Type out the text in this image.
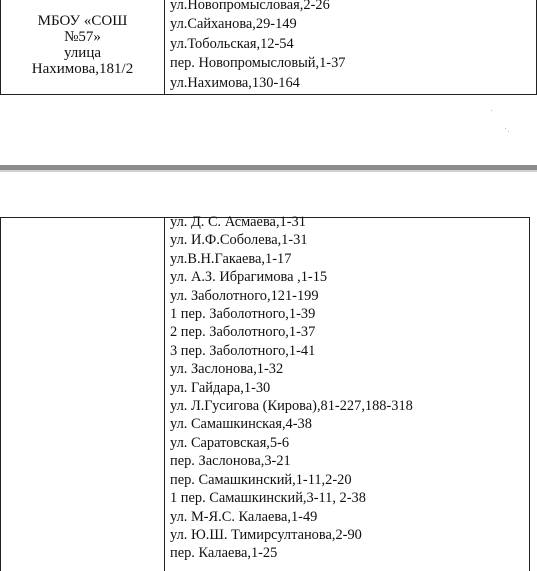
МБОУ «СОШ
№57»
улица
Нахимова,181/2
ул.Новопромысловая,2-26
ул.Сайханова,29-149
ул.Тобольская,12-54
пер. Новопромысловый,1-37
ул.Нахимова,130-164
ул. Д. С. Асмаева,1-31
ул. И.Ф.Соболева,1-31
ул.В.Н.Гакаева,1-17
ул. А.З. Ибрагимова ,1-15
ул. Заболотного,121-199
1 пер. Заболотного,1-39
2 пер. Заболотного,1-37
3 пер. Заболотного,1-41
ул. Заслонова,1-32
ул. Гайдара,1-30
ул. Л.Гусигова (Кирова),81-227,188-318
ул. Самашкинская,4-38
ул. Саратовская,5-6
пер. Заслонова,3-21
пер. Самашкинский,1-11,2-20
1 пер. Самашкинский,3-11, 2-38
ул. М-Я.С. Калаева,1-49
ул. Ю.Ш. Тимирсултанова,2-90
пер. Калаева,1-25
